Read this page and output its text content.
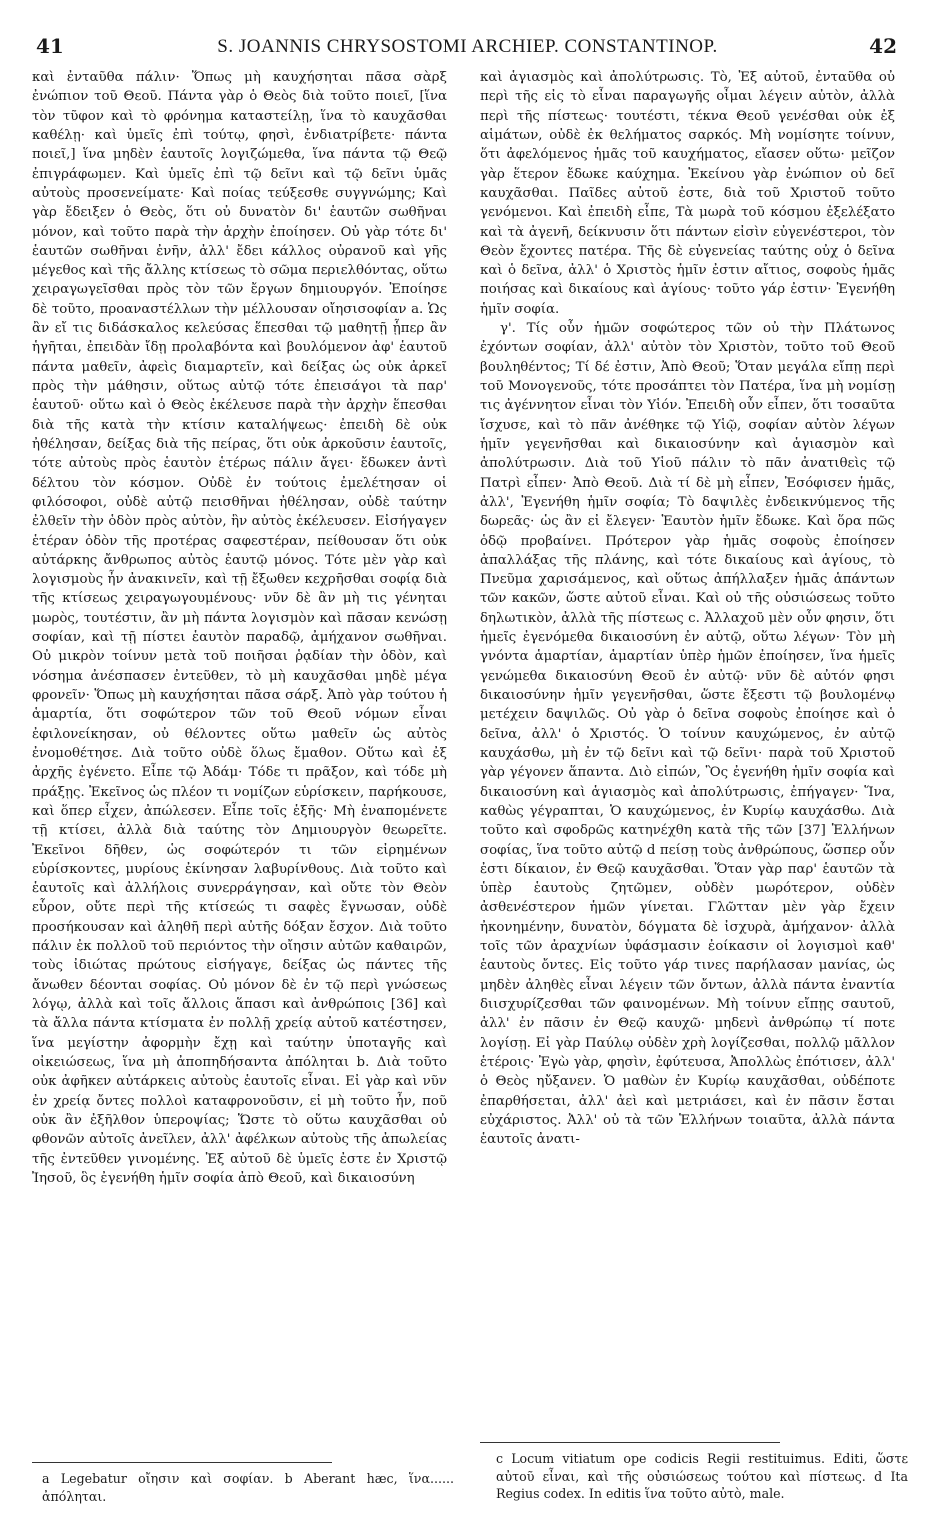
41	S. JOANNIS CHRYSOSTOMI ARCHIEP. CONSTANTINOP.	42

καὶ ἐνταῦθα πάλιν· Ὅπως μὴ καυχήσηται πᾶσα σὰρξ ἐνώπιον τοῦ Θεοῦ. Πάντα γὰρ ὁ Θεὸς διὰ τοῦτο ποιεῖ, [ἵνα τὸν τῦφον καὶ τὸ φρόνημα καταστείλῃ, ἵνα τὸ καυχᾶσθαι καθέλῃ· καὶ ὑμεῖς ἐπὶ τούτῳ, φησὶ, ἐνδιατρίβετε· πάντα ποιεῖ,] ἵνα μηδὲν ἑαυτοῖς λογιζώμεθα, ἵνα πάντα τῷ Θεῷ ἐπιγράφωμεν. Καὶ ὑμεῖς ἐπὶ τῷ δεῖνι καὶ τῷ δεῖνι ὑμᾶς αὐτοὺς προσενείματε· Καὶ ποίας τεύξεσθε συγγνώμης; Καὶ γὰρ ἔδειξεν ὁ Θεὸς, ὅτι οὐ δυνατὸν δι' ἑαυτῶν σωθῆναι μόνον, καὶ τοῦτο παρὰ τὴν ἀρχὴν ἐποίησεν. Οὐ γὰρ τότε δι' ἑαυτῶν σωθῆναι ἐνῆν, ἀλλ' ἔδει κάλλος οὐρανοῦ καὶ γῆς μέγεθος καὶ τῆς ἄλλης κτίσεως τὸ σῶμα περιελθόντας, οὕτω χειραγωγεῖσθαι πρὸς τὸν τῶν ἔργων δημιουργόν. Ἐποίησε δὲ τοῦτο, προαναστέλλων τὴν μέλλουσαν οἴησισοφίαν a. Ὡς ἂν εἴ τις διδάσκαλος κελεύσας ἕπεσθαι τῷ μαθητῇ ᾗπερ ἂν ἡγῆται, ἐπειδὰν ἴδῃ προλαβόντα καὶ βουλόμενον ἀφ' ἑαυτοῦ πάντα μαθεῖν, ἀφεὶς διαμαρτεῖν, καὶ δείξας ὡς οὐκ ἀρκεῖ πρὸς τὴν μάθησιν, οὕτως αὐτῷ τότε ἐπεισάγοι τὰ παρ' ἑαυτοῦ· οὕτω καὶ ὁ Θεὸς ἐκέλευσε παρὰ τὴν ἀρχὴν ἕπεσθαι διὰ τῆς κατὰ τὴν κτίσιν καταλήψεως· ἐπειδὴ δὲ οὐκ ἠθέλησαν, δείξας διὰ τῆς πείρας, ὅτι οὐκ ἀρκοῦσιν ἑαυτοῖς, τότε αὐτοὺς πρὸς ἑαυτὸν ἑτέρως πάλιν ἄγει· ἔδωκεν ἀντὶ δέλτου τὸν κόσμον. Οὐδὲ ἐν τούτοις ἐμελέτησαν οἱ φιλόσοφοι, οὐδὲ αὐτῷ πεισθῆναι ἠθέλησαν, οὐδὲ ταύτην ἐλθεῖν τὴν ὁδὸν πρὸς αὐτὸν, ἣν αὐτὸς ἐκέλευσεν. Εἰσήγαγεν ἑτέραν ὁδὸν τῆς προτέρας σαφεστέραν, πείθουσαν ὅτι οὐκ αὐτάρκης ἄνθρωπος αὐτὸς ἑαυτῷ μόνος. Τότε μὲν γὰρ καὶ λογισμοὺς ἦν ἀνακινεῖν, καὶ τῇ ἔξωθεν κεχρῆσθαι σοφίᾳ διὰ τῆς κτίσεως χειραγωγουμένους· νῦν δὲ ἂν μὴ τις γένηται μωρὸς, τουτέστιν, ἂν μὴ πάντα λογισμὸν καὶ πᾶσαν κενώσῃ σοφίαν, καὶ τῇ πίστει ἑαυτὸν παραδῷ, ἀμήχανον σωθῆναι. Οὐ μικρὸν τοίνυν μετὰ τοῦ ποιῆσαι ῥᾳδίαν τὴν ὁδὸν, καὶ νόσημα ἀνέσπασεν ἐντεῦθεν, τὸ μὴ καυχᾶσθαι μηδὲ μέγα φρονεῖν· Ὅπως μὴ καυχήσηται πᾶσα σάρξ. Ἀπὸ γὰρ τούτου ἡ ἁμαρτία, ὅτι σοφώτερον τῶν τοῦ Θεοῦ νόμων εἶναι ἐφιλονείκησαν, οὐ θέλοντες οὕτω μαθεῖν ὡς αὐτὸς ἐνομοθέτησε. Διὰ τοῦτο οὐδὲ ὅλως ἔμαθον. Οὕτω καὶ ἐξ ἀρχῆς ἐγένετο. Εἶπε τῷ Ἀδάμ· Τόδε τι πρᾶξον, καὶ τόδε μὴ πράξῃς. Ἐκεῖνος ὡς πλέον τι νομίζων εὑρίσκειν, παρήκουσε, καὶ ὅπερ εἶχεν, ἀπώλεσεν. Εἶπε τοῖς ἑξῆς· Μὴ ἐναπομένετε τῇ κτίσει, ἀλλὰ διὰ ταύτης τὸν Δημιουργὸν θεωρεῖτε. Ἐκεῖνοι δῆθεν, ὡς σοφώτερόν τι τῶν εἰρημένων εὑρίσκοντες, μυρίους ἐκίνησαν λαβυρίνθους. Διὰ τοῦτο καὶ ἑαυτοῖς καὶ ἀλλήλοις συνερράγησαν, καὶ οὔτε τὸν Θεὸν εὗρον, οὔτε περὶ τῆς κτίσεώς τι σαφὲς ἔγνωσαν, οὐδὲ προσήκουσαν καὶ ἀληθῆ περὶ αὐτῆς δόξαν ἔσχον. Διὰ τοῦτο πάλιν ἐκ πολλοῦ τοῦ περιόντος τὴν οἴησιν αὐτῶν καθαιρῶν, τοὺς ἰδιώτας πρώτους εἰσήγαγε, δείξας ὡς πάντες τῆς ἄνωθεν δέονται σοφίας. Οὐ μόνον δὲ ἐν τῷ περὶ γνώσεως λόγῳ, ἀλλὰ καὶ τοῖς ἄλλοις ἅπασι καὶ ἀνθρώποις [36] καὶ τὰ ἄλλα πάντα κτίσματα ἐν πολλῇ χρείᾳ αὐτοῦ κατέστησεν, ἵνα μεγίστην ἀφορμὴν ἔχῃ καὶ ταύτην ὑποταγῆς καὶ οἰκειώσεως, ἵνα μὴ ἀποπηδήσαντα ἀπόληται b. Διὰ τοῦτο οὐκ ἀφῆκεν αὐτάρκεις αὐτοὺς ἑαυτοῖς εἶναι. Εἰ γὰρ καὶ νῦν ἐν χρείᾳ ὄντες πολλοὶ καταφρονοῦσιν, εἰ μὴ τοῦτο ἦν, ποῦ οὐκ ἂν ἐξῆλθον ὑπεροψίας; Ὥστε τὸ οὕτω καυχᾶσθαι οὐ φθονῶν αὐτοῖς ἀνεῖλεν, ἀλλ' ἀφέλκων αὐτοὺς τῆς ἀπωλείας τῆς ἐντεῦθεν γινομένης. Ἐξ αὐτοῦ δὲ ὑμεῖς ἐστε ἐν Χριστῷ Ἰησοῦ, ὃς ἐγενήθη ἡμῖν σοφία ἀπὸ Θεοῦ, καὶ δικαιοσύνη

καὶ ἁγιασμὸς καὶ ἀπολύτρωσις. Τὸ, Ἐξ αὐτοῦ, ἐνταῦθα οὐ περὶ τῆς εἰς τὸ εἶναι παραγωγῆς οἶμαι λέγειν αὐτὸν, ἀλλὰ περὶ τῆς πίστεως· τουτέστι, τέκνα Θεοῦ γενέσθαι οὐκ ἐξ αἱμάτων, οὐδὲ ἐκ θελήματος σαρκός. Μὴ νομίσητε τοίνυν, ὅτι ἀφελόμενος ἡμᾶς τοῦ καυχήματος, εἴασεν οὕτω· μεῖζον γὰρ ἕτερον ἔδωκε καύχημα. Ἐκείνου γὰρ ἐνώπιον οὐ δεῖ καυχᾶσθαι. Παῖδες αὐτοῦ ἐστε, διὰ τοῦ Χριστοῦ τοῦτο γενόμενοι. Καὶ ἐπειδὴ εἶπε, Τὰ μωρὰ τοῦ κόσμου ἐξελέξατο καὶ τὰ ἀγενῆ, δείκνυσιν ὅτι πάντων εἰσὶν εὐγενέστεροι, τὸν Θεὸν ἔχοντες πατέρα. Τῆς δὲ εὐγενείας ταύτης οὐχ ὁ δεῖνα καὶ ὁ δεῖνα, ἀλλ' ὁ Χριστὸς ἡμῖν ἐστιν αἴτιος, σοφοὺς ἡμᾶς ποιήσας καὶ δικαίους καὶ ἁγίους· τοῦτο γάρ ἐστιν· Ἐγενήθη ἡμῖν σοφία.

γ'. Τίς οὖν ἡμῶν σοφώτερος τῶν οὐ τὴν Πλάτωνος ἐχόντων σοφίαν, ἀλλ' αὐτὸν τὸν Χριστὸν, τοῦτο τοῦ Θεοῦ βουληθέντος; Τί δέ ἐστιν, Ἀπὸ Θεοῦ; Ὅταν μεγάλα εἴπῃ περὶ τοῦ Μονογενοῦς, τότε προσάπτει τὸν Πατέρα, ἵνα μὴ νομίσῃ τις ἀγέννητον εἶναι τὸν Υἱόν. Ἐπειδὴ οὖν εἶπεν, ὅτι τοσαῦτα ἴσχυσε, καὶ τὸ πᾶν ἀνέθηκε τῷ Υἱῷ, σοφίαν αὐτὸν λέγων ἡμῖν γεγενῆσθαι καὶ δικαιοσύνην καὶ ἁγιασμὸν καὶ ἀπολύτρωσιν. Διὰ τοῦ Υἱοῦ πάλιν τὸ πᾶν ἀνατιθεὶς τῷ Πατρὶ εἶπεν· Ἀπὸ Θεοῦ. Διὰ τί δὲ μὴ εἶπεν, Ἐσόφισεν ἡμᾶς, ἀλλ', Ἐγενήθη ἡμῖν σοφία; Τὸ δαψιλὲς ἐνδεικνύμενος τῆς δωρεᾶς· ὡς ἂν εἰ ἔλεγεν· Ἑαυτὸν ἡμῖν ἔδωκε. Καὶ ὅρα πῶς ὁδῷ προβαίνει. Πρότερον γὰρ ἡμᾶς σοφοὺς ἐποίησεν ἀπαλλάξας τῆς πλάνης, καὶ τότε δικαίους καὶ ἁγίους, τὸ Πνεῦμα χαρισάμενος, καὶ οὕτως ἀπήλλαξεν ἡμᾶς ἁπάντων τῶν κακῶν, ὥστε αὐτοῦ εἶναι. Καὶ οὐ τῆς οὐσιώσεως τοῦτο δηλωτικὸν, ἀλλὰ τῆς πίστεως c. Ἀλλαχοῦ μὲν οὖν φησιν, ὅτι ἡμεῖς ἐγενόμεθα δικαιοσύνη ἐν αὐτῷ, οὕτω λέγων· Τὸν μὴ γνόντα ἁμαρτίαν, ἁμαρτίαν ὑπὲρ ἡμῶν ἐποίησεν, ἵνα ἡμεῖς γενώμεθα δικαιοσύνη Θεοῦ ἐν αὐτῷ· νῦν δὲ αὐτόν φησι δικαιοσύνην ἡμῖν γεγενῆσθαι, ὥστε ἔξεστι τῷ βουλομένῳ μετέχειν δαψιλῶς. Οὐ γὰρ ὁ δεῖνα σοφοὺς ἐποίησε καὶ ὁ δεῖνα, ἀλλ' ὁ Χριστός. Ὁ τοίνυν καυχώμενος, ἐν αὐτῷ καυχάσθω, μὴ ἐν τῷ δεῖνι καὶ τῷ δεῖνι· παρὰ τοῦ Χριστοῦ γὰρ γέγονεν ἅπαντα. Διὸ εἰπών, Ὃς ἐγενήθη ἡμῖν σοφία καὶ δικαιοσύνη καὶ ἁγιασμὸς καὶ ἀπολύτρωσις, ἐπήγαγεν· Ἵνα, καθὼς γέγραπται, Ὁ καυχώμενος, ἐν Κυρίῳ καυχάσθω. Διὰ τοῦτο καὶ σφοδρῶς κατηνέχθη κατὰ τῆς τῶν [37] Ἑλλήνων σοφίας, ἵνα τοῦτο αὐτῷ d πείσῃ τοὺς ἀνθρώπους, ὥσπερ οὖν ἐστι δίκαιον, ἐν Θεῷ καυχᾶσθαι. Ὅταν γὰρ παρ' ἑαυτῶν τὰ ὑπὲρ ἑαυτοὺς ζητῶμεν, οὐδὲν μωρότερον, οὐδὲν ἀσθενέστερον ἡμῶν γίνεται. Γλῶτταν μὲν γὰρ ἔχειν ἠκονημένην, δυνατὸν, δόγματα δὲ ἰσχυρὰ, ἀμήχανον· ἀλλὰ τοῖς τῶν ἀραχνίων ὑφάσμασιν ἐοίκασιν οἱ λογισμοὶ καθ' ἑαυτοὺς ὄντες. Εἰς τοῦτο γάρ τινες παρήλασαν μανίας, ὡς μηδὲν ἀληθὲς εἶναι λέγειν τῶν ὄντων, ἀλλὰ πάντα ἐναντία διισχυρίζεσθαι τῶν φαινομένων. Μὴ τοίνυν εἴπῃς σαυτοῦ, ἀλλ' ἐν πᾶσιν ἐν Θεῷ καυχῶ· μηδενὶ ἀνθρώπῳ τί ποτε λογίσῃ. Εἰ γὰρ Παύλῳ οὐδὲν χρὴ λογίζεσθαι, πολλῷ μᾶλλον ἑτέροις· Ἐγὼ γὰρ, φησὶν, ἐφύτευσα, Ἀπολλὼς ἐπότισεν, ἀλλ' ὁ Θεὸς ηὔξανεν. Ὁ μαθὼν ἐν Κυρίῳ καυχᾶσθαι, οὐδέποτε ἐπαρθήσεται, ἀλλ' ἀεὶ καὶ μετριάσει, καὶ ἐν πᾶσιν ἔσται εὐχάριστος. Ἀλλ' οὐ τὰ τῶν Ἑλλήνων τοιαῦτα, ἀλλὰ πάντα ἑαυτοῖς ἀνατι-

a Legebatur οἴησιν καὶ σοφίαν. b Aberant hæc, ἵνα...... ἀπόληται.
c Locum vitiatum ope codicis Regii restituimus. Editi, ὥστε αὐτοῦ εἶναι, καὶ τῆς οὐσιώσεως τούτου καὶ πίστεως. d Ita Regius codex. In editis ἵνα τοῦτο αὐτὸ, male.
